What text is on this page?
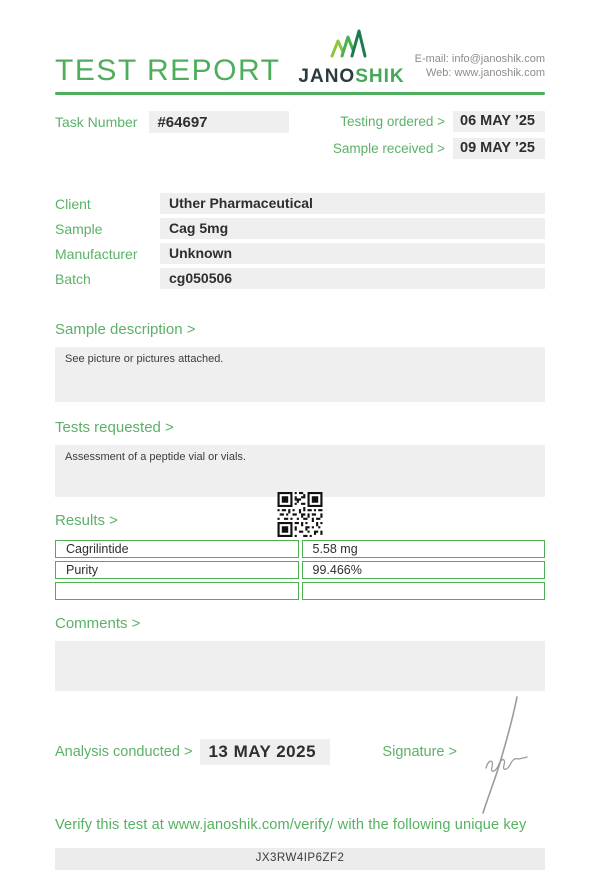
TEST REPORT JANOSHIK
E-mail: info@janoshik.com
Web: www.janoshik.com
Task Number	#64697	Testing ordered >	06 MAY ’25
Sample received >	09 MAY ’25
Client	Uther Pharmaceutical
Sample	Cag 5mg
Manufacturer	Unknown
Batch	cg050506
Sample description >
See picture or pictures attached.
Tests requested >
Assessment of a peptide vial or vials.
Results >
Cagrilintide	5.58 mg
Purity	99.466%
Comments >
Analysis conducted > 13 MAY 2025	Signature >
Verify this test at www.janoshik.com/verify/ with the following unique key
JX3RW4IP6ZF2
